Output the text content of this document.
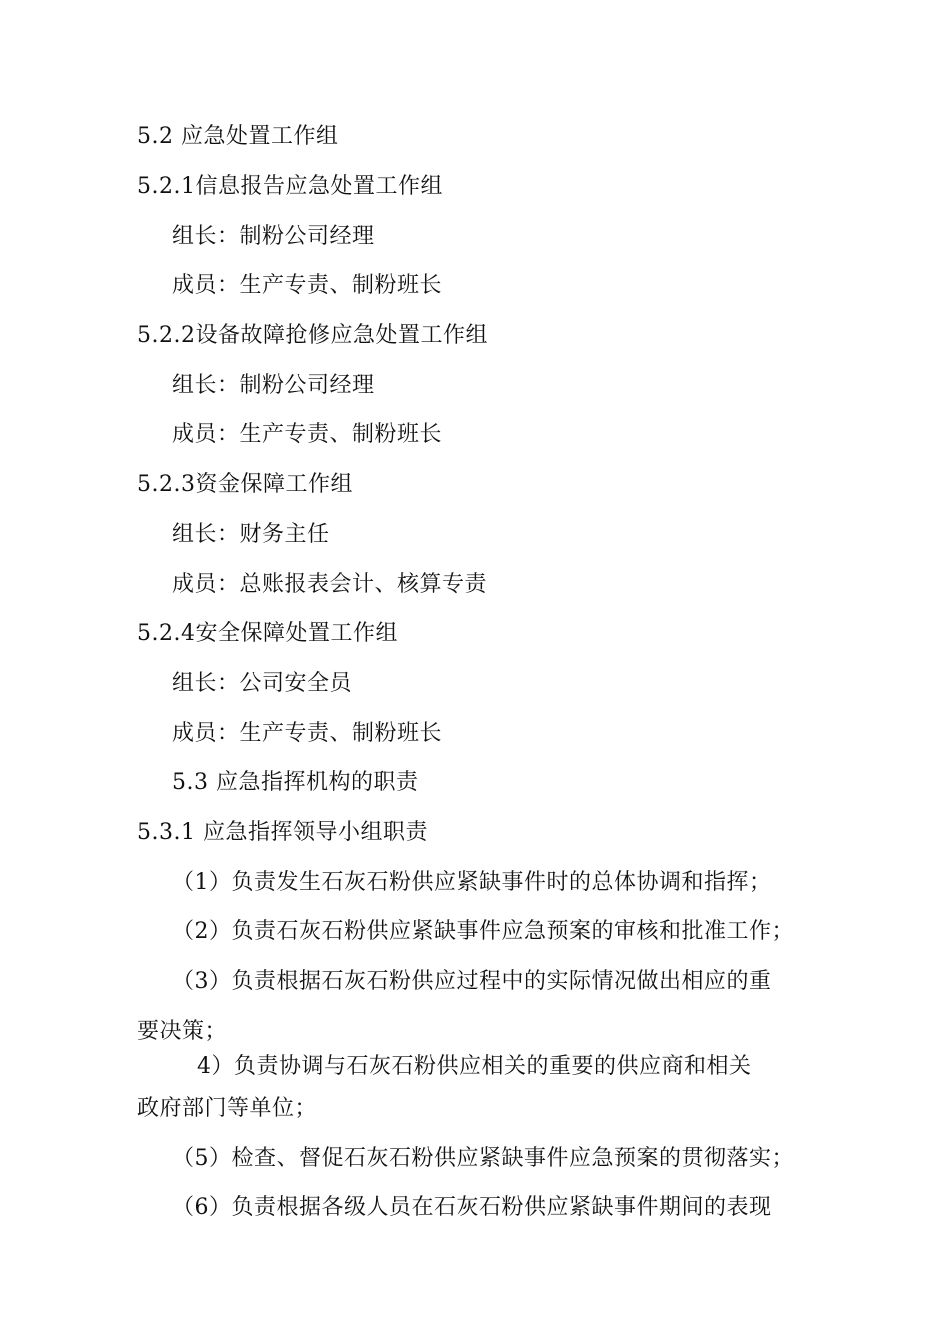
5.2 应急处置工作组
5.2.1信息报告应急处置工作组
组长：制粉公司经理
成员：生产专责、制粉班长
5.2.2设备故障抢修应急处置工作组
组长：制粉公司经理
成员：生产专责、制粉班长
5.2.3资金保障工作组
组长：财务主任
成员：总账报表会计、核算专责
5.2.4安全保障处置工作组
组长：公司安全员
成员：生产专责、制粉班长
5.3 应急指挥机构的职责
5.3.1 应急指挥领导小组职责
（1）负责发生石灰石粉供应紧缺事件时的总体协调和指挥；
（2）负责石灰石粉供应紧缺事件应急预案的审核和批准工作；
（3）负责根据石灰石粉供应过程中的实际情况做出相应的重
要决策；
4）负责协调与石灰石粉供应相关的重要的供应商和相关
政府部门等单位；
（5）检查、督促石灰石粉供应紧缺事件应急预案的贯彻落实；
（6）负责根据各级人员在石灰石粉供应紧缺事件期间的表现
